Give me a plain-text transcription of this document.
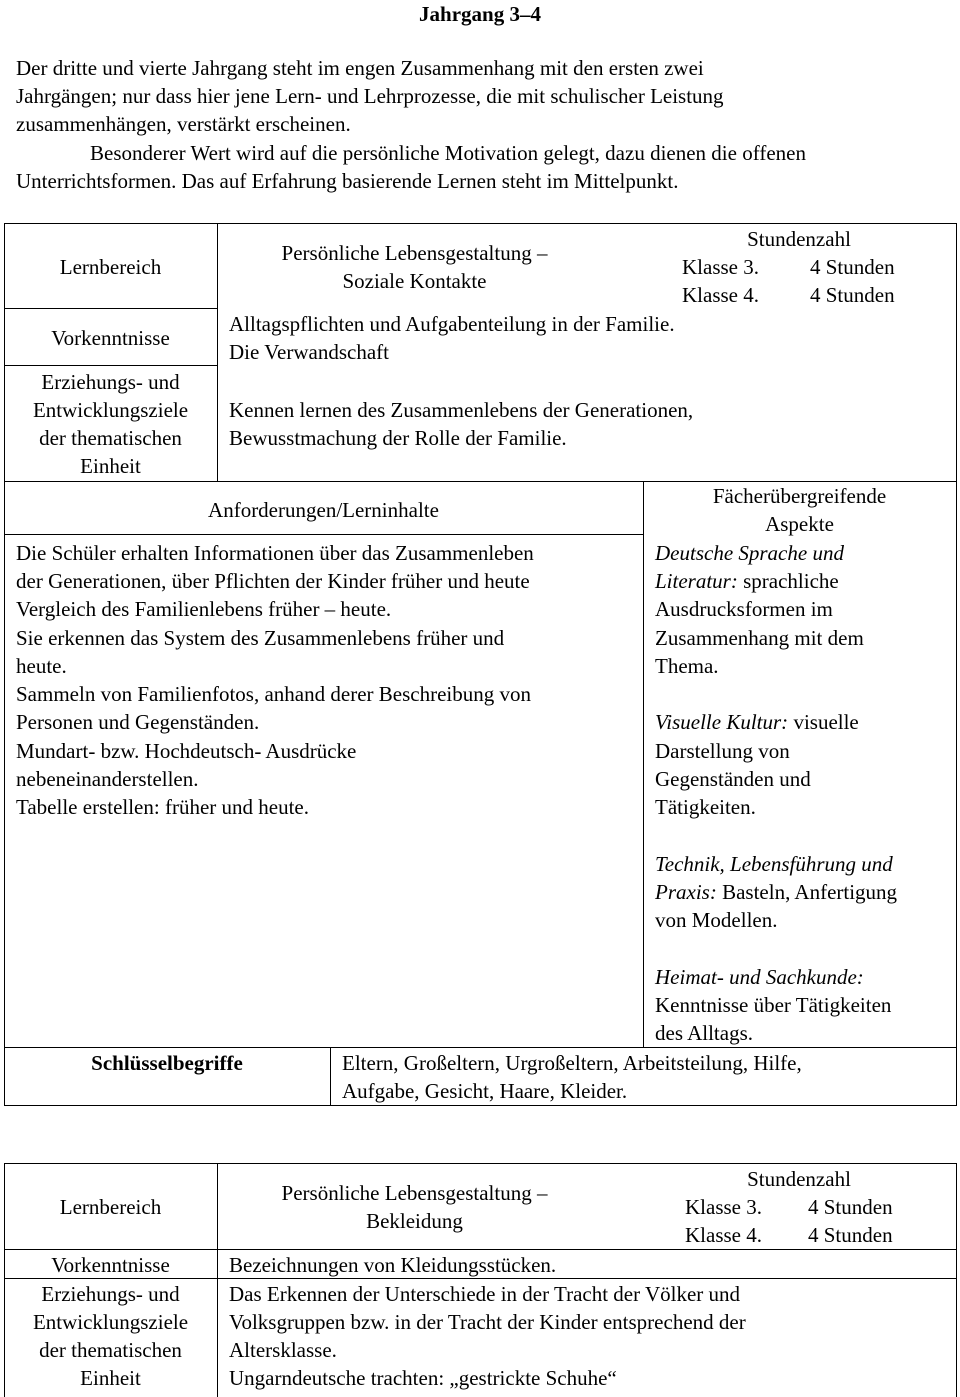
Jahrgang 3–4
Der dritte und vierte Jahrgang steht im engen Zusammenhang mit den ersten zwei
Jahrgängen; nur dass hier jene Lern- und Lehrprozesse, die mit schulischer Leistung
zusammenhängen, verstärkt erscheinen.
Besonderer Wert wird auf die persönliche Motivation gelegt, dazu dienen die offenen
Unterrichtsformen. Das auf Erfahrung basierende Lernen steht im Mittelpunkt.
Lernbereich
Persönliche Lebensgestaltung –
Soziale Kontakte
Stundenzahl
Klasse 3. 4 Stunden
Klasse 4. 4 Stunden
Vorkenntnisse
Alltagspflichten und Aufgabenteilung in der Familie.
Die Verwandschaft
Erziehungs- und
Entwicklungsziele
der thematischen
Einheit
Kennen lernen des Zusammenlebens der Generationen,
Bewusstmachung der Rolle der Familie.
Anforderungen/Lerninhalte
Fächerübergreifende
Aspekte
Die Schüler erhalten Informationen über das Zusammenleben
der Generationen, über Pflichten der Kinder früher und heute
Vergleich des Familienlebens früher – heute.
Sie erkennen das System des Zusammenlebens früher und
heute.
Sammeln von Familienfotos, anhand derer Beschreibung von
Personen und Gegenständen.
Mundart- bzw. Hochdeutsch- Ausdrücke
nebeneinanderstellen.
Tabelle erstellen: früher und heute.
Deutsche Sprache und
Literatur: sprachliche
Ausdrucksformen im
Zusammenhang mit dem
Thema.
Visuelle Kultur: visuelle
Darstellung von
Gegenständen und
Tätigkeiten.
Technik, Lebensführung und
Praxis: Basteln, Anfertigung
von Modellen.
Heimat- und Sachkunde:
Kenntnisse über Tätigkeiten
des Alltags.
Schlüsselbegriffe	Eltern, Großeltern, Urgroßeltern, Arbeitsteilung, Hilfe,
Aufgabe, Gesicht, Haare, Kleider.
Lernbereich
Persönliche Lebensgestaltung –
Bekleidung
Stundenzahl
Klasse 3. 4 Stunden
Klasse 4. 4 Stunden
Vorkenntnisse	Bezeichnungen von Kleidungsstücken.
Erziehungs- und
Entwicklungsziele
der thematischen
Einheit
Das Erkennen der Unterschiede in der Tracht der Völker und
Volksgruppen bzw. in der Tracht der Kinder entsprechend der
Altersklasse.
Ungarndeutsche trachten: „gestrickte Schuhe“
